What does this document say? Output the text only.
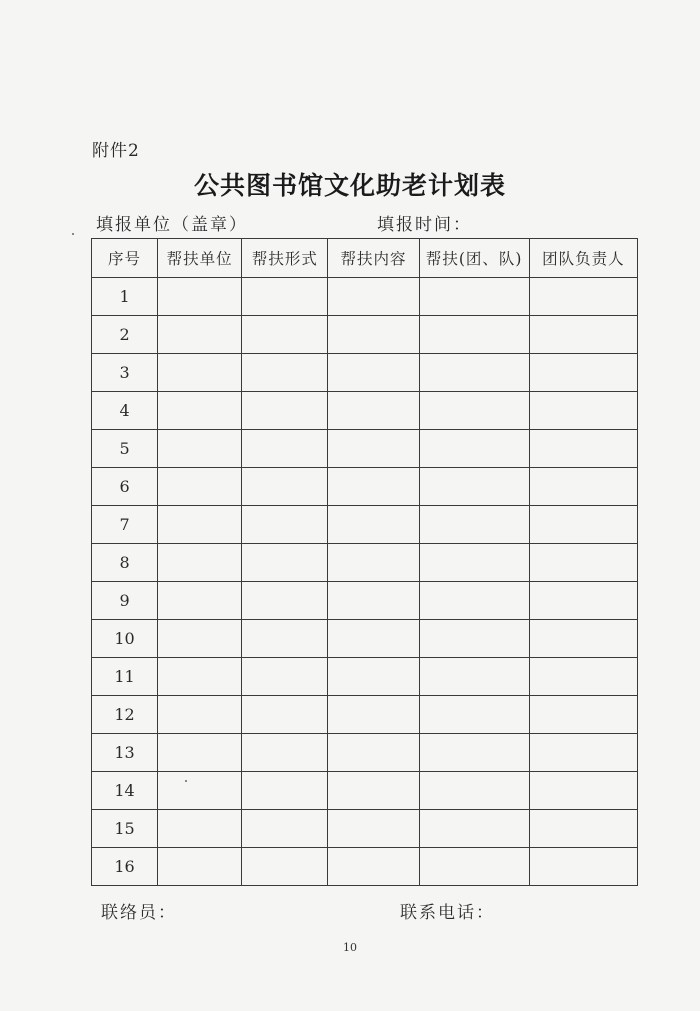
附件2
公共图书馆文化助老计划表
填报单位（盖章）	填报时间：
序号	帮扶单位	帮扶形式	帮扶内容	帮扶(团、队)	团队负责人
1					
2					
3					
4					
5					
6					
7					
8					
9					
10					
11					
12					
13					
14					
15					
16					
联络员：	联系电话：
10
